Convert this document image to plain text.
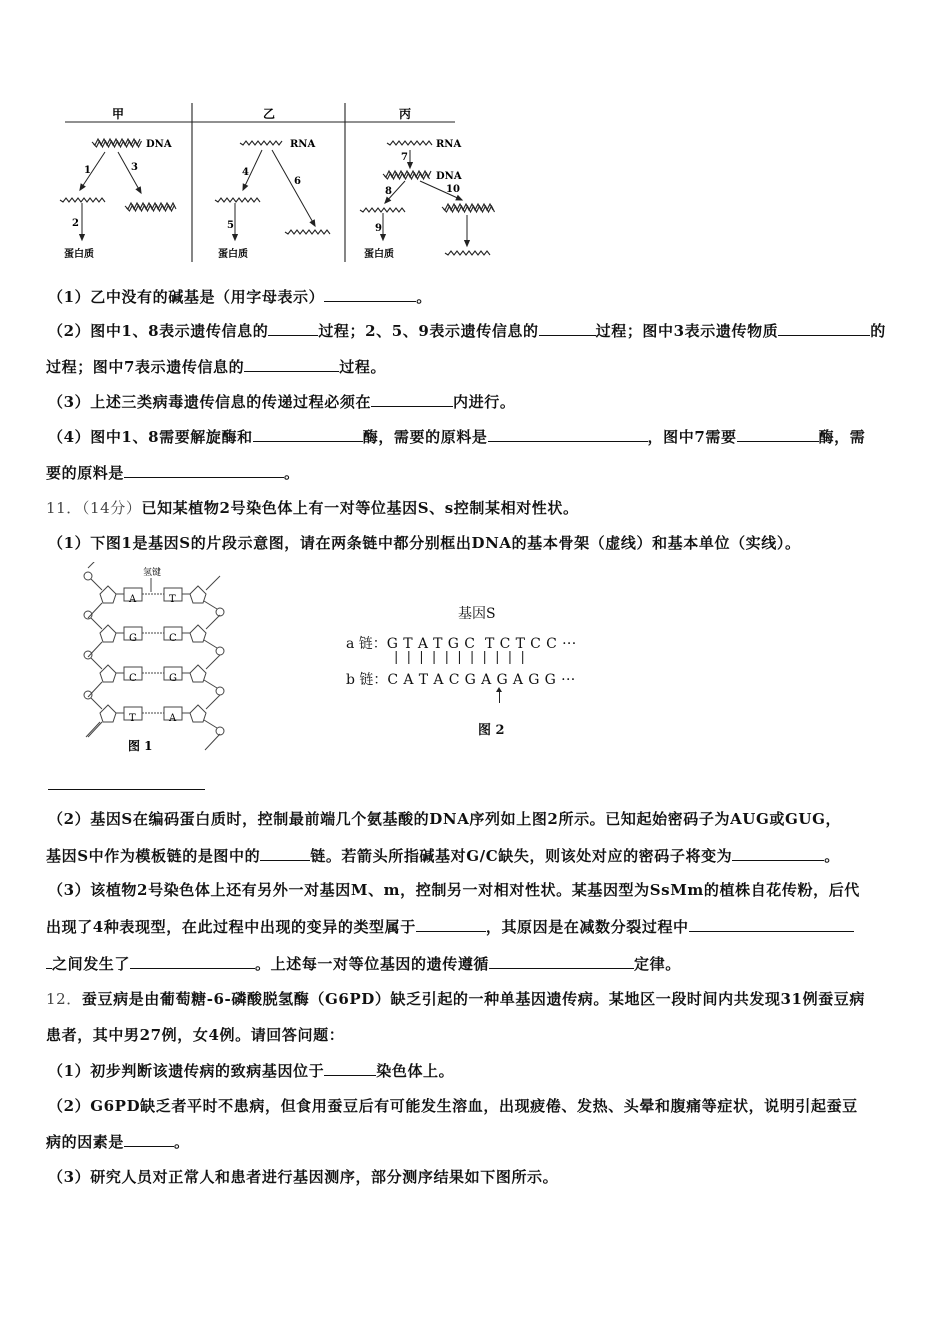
甲	乙	丙
DNA	RNA	RNA
DNA
蛋白质	蛋白质	蛋白质
1
2
3	4
5
6
7
8
9
10
（1）乙中没有的碱基是（用字母表示）	。
（2）图中1、8表示遗传信息的	过程；2、5、9表示遗传信息的	过程；图中3表示遗传物质	的
过程；图中7表示遗传信息的	过程。
（3）上述三类病毒遗传信息的传递过程必须在	内进行。
（4）图中1、8需要解旋酶和	酶，需要的原料是	，图中7需要	酶，需
要的原料是	。
11．（14分）已知某植物2号染色体上有一对等位基因S、s控制某相对性状。
（1）下图1是基因S的片段示意图，请在两条链中都分别框出DNA的基本骨架（虚线）和基本单位（实线）。
氢键
A	T
G	C
C	G
T	A
图 1
基因S
a 链：G T A T G C  T C T C C ···
|  |  |  |  |  |  |  |  |  |  |
b 链：C A T A C G A G A G G ···
图 2
（2）基因S在编码蛋白质时，控制最前端几个氨基酸的DNA序列如上图2所示。已知起始密码子为AUG或GUG，
基因S中作为模板链的是图中的	链。若箭头所指碱基对G/C缺失，则该处对应的密码子将变为	。
（3）该植物2号染色体上还有另外一对基因M、m，控制另一对相对性状。某基因型为SsMm的植株自花传粉，后代
出现了4种表现型，在此过程中出现的变异的类型属于	，其原因是在减数分裂过程中
之间发生了	。上述每一对等位基因的遗传遵循	定律。
12．蚕豆病是由葡萄糖-6-磷酸脱氢酶（G6PD）缺乏引起的一种单基因遗传病。某地区一段时间内共发现31例蚕豆病
患者，其中男27例，女4例。请回答问题：
（1）初步判断该遗传病的致病基因位于	染色体上。
（2）G6PD缺乏者平时不患病，但食用蚕豆后有可能发生溶血，出现疲倦、发热、头晕和腹痛等症状，说明引起蚕豆
病的因素是	。
（3）研究人员对正常人和患者进行基因测序，部分测序结果如下图所示。
